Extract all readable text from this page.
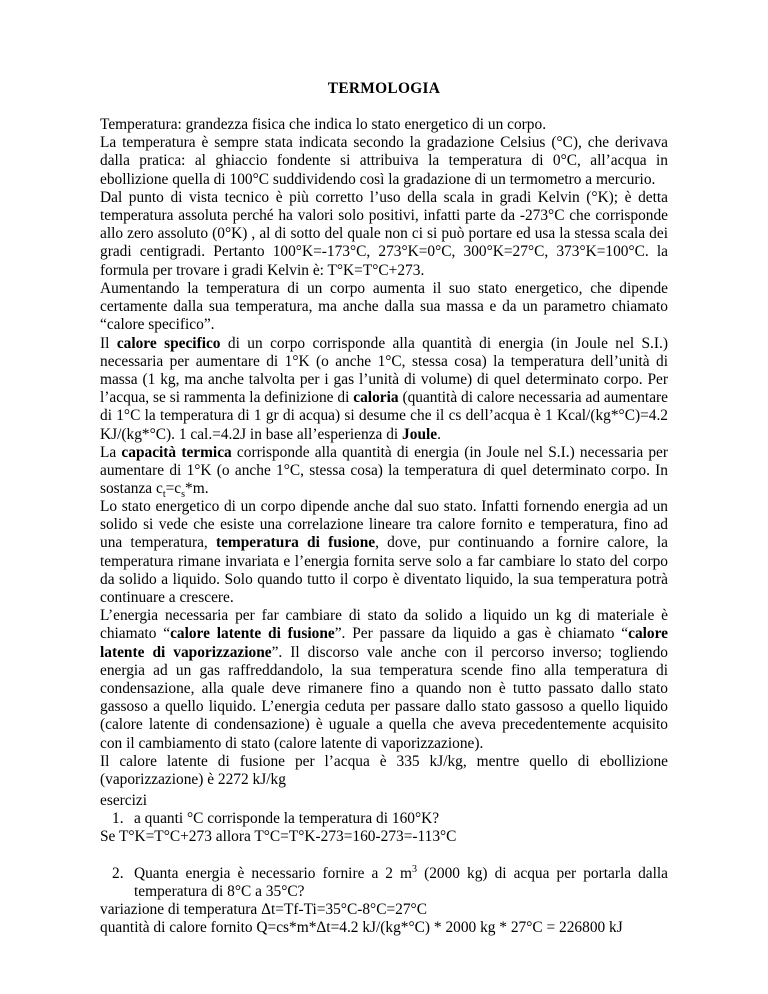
TERMOLOGIA

Temperatura: grandezza fisica che indica lo stato energetico di un corpo.

La temperatura è sempre stata indicata secondo la gradazione Celsius (°C), che derivava dalla pratica: al ghiaccio fondente si attribuiva la temperatura di 0°C, all’acqua in ebollizione quella di 100°C suddividendo così la gradazione di un termometro a mercurio.

Dal punto di vista tecnico è più corretto l’uso della scala in gradi Kelvin (°K); è detta temperatura assoluta perché ha valori solo positivi, infatti parte da -273°C che corrisponde allo zero assoluto (0°K) , al di sotto del quale non ci si può portare ed usa la stessa scala dei gradi centigradi. Pertanto 100°K=-173°C, 273°K=0°C, 300°K=27°C, 373°K=100°C. la formula per trovare i gradi Kelvin è: T°K=T°C+273.

Aumentando la temperatura di un corpo aumenta il suo stato energetico, che dipende certamente dalla sua temperatura, ma anche dalla sua massa e da un parametro chiamato “calore specifico”.

Il calore specifico di un corpo corrisponde alla quantità di energia (in Joule nel S.I.) necessaria per aumentare di 1°K (o anche 1°C, stessa cosa) la temperatura dell’unità di massa (1 kg, ma anche talvolta per i gas l’unità di volume) di quel determinato corpo. Per l’acqua, se si rammenta la definizione di caloria (quantità di calore necessaria ad aumentare di 1°C la temperatura di 1 gr di acqua) si desume che il cs dell’acqua è 1 Kcal/(kg*°C)=4.2 KJ/(kg*°C). 1 cal.=4.2J in base all’esperienza di Joule.

La capacità termica corrisponde alla quantità di energia (in Joule nel S.I.) necessaria per aumentare di 1°K (o anche 1°C, stessa cosa) la temperatura di quel determinato corpo. In sostanza $c_t=c_s*m$.

Lo stato energetico di un corpo dipende anche dal suo stato. Infatti fornendo energia ad un solido si vede che esiste una correlazione lineare tra calore fornito e temperatura, fino ad una temperatura, temperatura di fusione, dove, pur continuando a fornire calore, la temperatura rimane invariata e l’energia fornita serve solo a far cambiare lo stato del corpo da solido a liquido. Solo quando tutto il corpo è diventato liquido, la sua temperatura potrà continuare a crescere.

L’energia necessaria per far cambiare di stato da solido a liquido un kg di materiale è chiamato “calore latente di fusione”. Per passare da liquido a gas è chiamato “calore latente di vaporizzazione”. Il discorso vale anche con il percorso inverso; togliendo energia ad un gas raffreddandolo, la sua temperatura scende fino alla temperatura di condensazione, alla quale deve rimanere fino a quando non è tutto passato dallo stato gassoso a quello liquido. L’energia ceduta per passare dallo stato gassoso a quello liquido (calore latente di condensazione) è uguale a quella che aveva precedentemente acquisito con il cambiamento di stato (calore latente di vaporizzazione).

Il calore latente di fusione per l’acqua è 335 kJ/kg, mentre quello di ebollizione (vaporizzazione) è 2272 kJ/kg

esercizi

1. a quanti °C corrisponde la temperatura di 160°K?

Se T°K=T°C+273 allora T°C=T°K-273=160-273=-113°C

2. Quanta energia è necessario fornire a 2 $m^3$ (2000 kg) di acqua per portarla dalla temperatura di 8°C a 35°C?

variazione di temperatura Δt=Tf-Ti=35°C-8°C=27°C

quantità di calore fornito Q=cs*m*Δt=4.2 kJ/(kg*°C) * 2000 kg * 27°C = 226800 kJ
